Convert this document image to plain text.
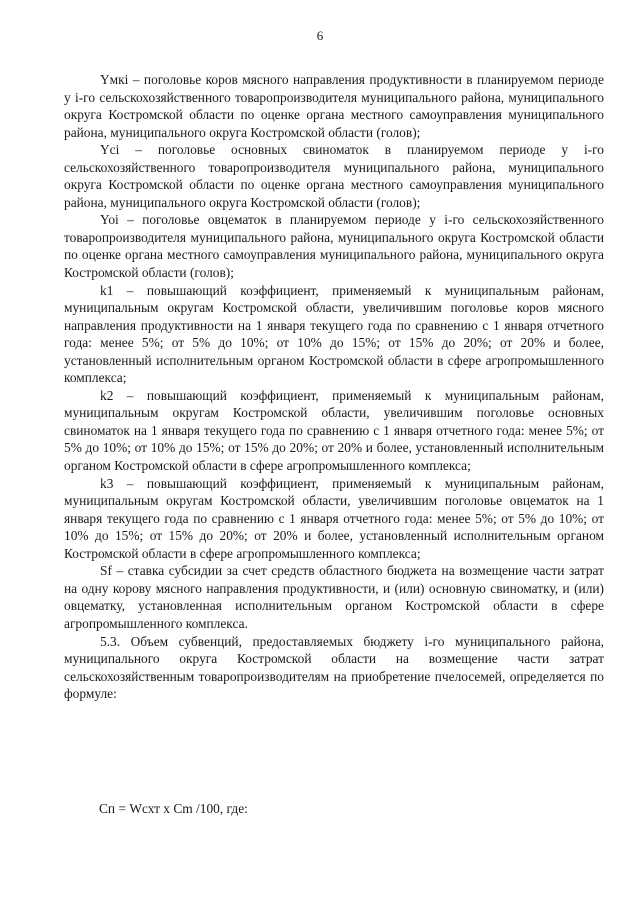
6

Yмкі – поголовье коров мясного направления продуктивности в планируемом периоде у і-го сельскохозяйственного товаропроизводителя муниципального района, муниципального округа Костромской области по оценке органа местного самоуправления муниципального района, муниципального округа Костромской области (голов);

Yсі – поголовье основных свиноматок в планируемом периоде у і-го сельскохозяйственного товаропроизводителя муниципального района, муниципального округа Костромской области по оценке органа местного самоуправления муниципального района, муниципального округа Костромской области (голов);

Yoi – поголовье овцематок в планируемом периоде у і-го сельскохозяйственного товаропроизводителя муниципального района, муниципального округа Костромской области по оценке органа местного самоуправления муниципального района, муниципального округа Костромской области (голов);

k1 – повышающий коэффициент, применяемый к муниципальным районам, муниципальным округам Костромской области, увеличившим поголовье коров мясного направления продуктивности на 1 января текущего года по сравнению с 1 января отчетного года: менее 5%; от 5% до 10%; от 10% до 15%; от 15% до 20%; от 20% и более, установленный исполнительным органом Костромской области в сфере агропромышленного комплекса;

k2 – повышающий коэффициент, применяемый к муниципальным районам, муниципальным округам Костромской области, увеличившим поголовье основных свиноматок на 1 января текущего года по сравнению с 1 января отчетного года: менее 5%; от 5% до 10%; от 10% до 15%; от 15% до 20%; от 20% и более, установленный исполнительным органом Костромской области в сфере агропромышленного комплекса;

k3 – повышающий коэффициент, применяемый к муниципальным районам, муниципальным округам Костромской области, увеличившим поголовье овцематок на 1 января текущего года по сравнению с 1 января отчетного года: менее 5%; от 5% до 10%; от 10% до 15%; от 15% до 20%; от 20% и более, установленный исполнительным органом Костромской области в сфере агропромышленного комплекса;

Sf – ставка субсидии за счет средств областного бюджета на возмещение части затрат на одну корову мясного направления продуктивности, и (или) основную свиноматку, и (или) овцематку, установленная исполнительным органом Костромской области в сфере агропромышленного комплекса.

5.3. Объем субвенций, предоставляемых бюджету і-го муниципального района, муниципального округа Костромской области на возмещение части затрат сельскохозяйственным товаропроизводителям на приобретение пчелосемей, определяется по формуле:

Сп = Wсхт x Сm /100, где:
